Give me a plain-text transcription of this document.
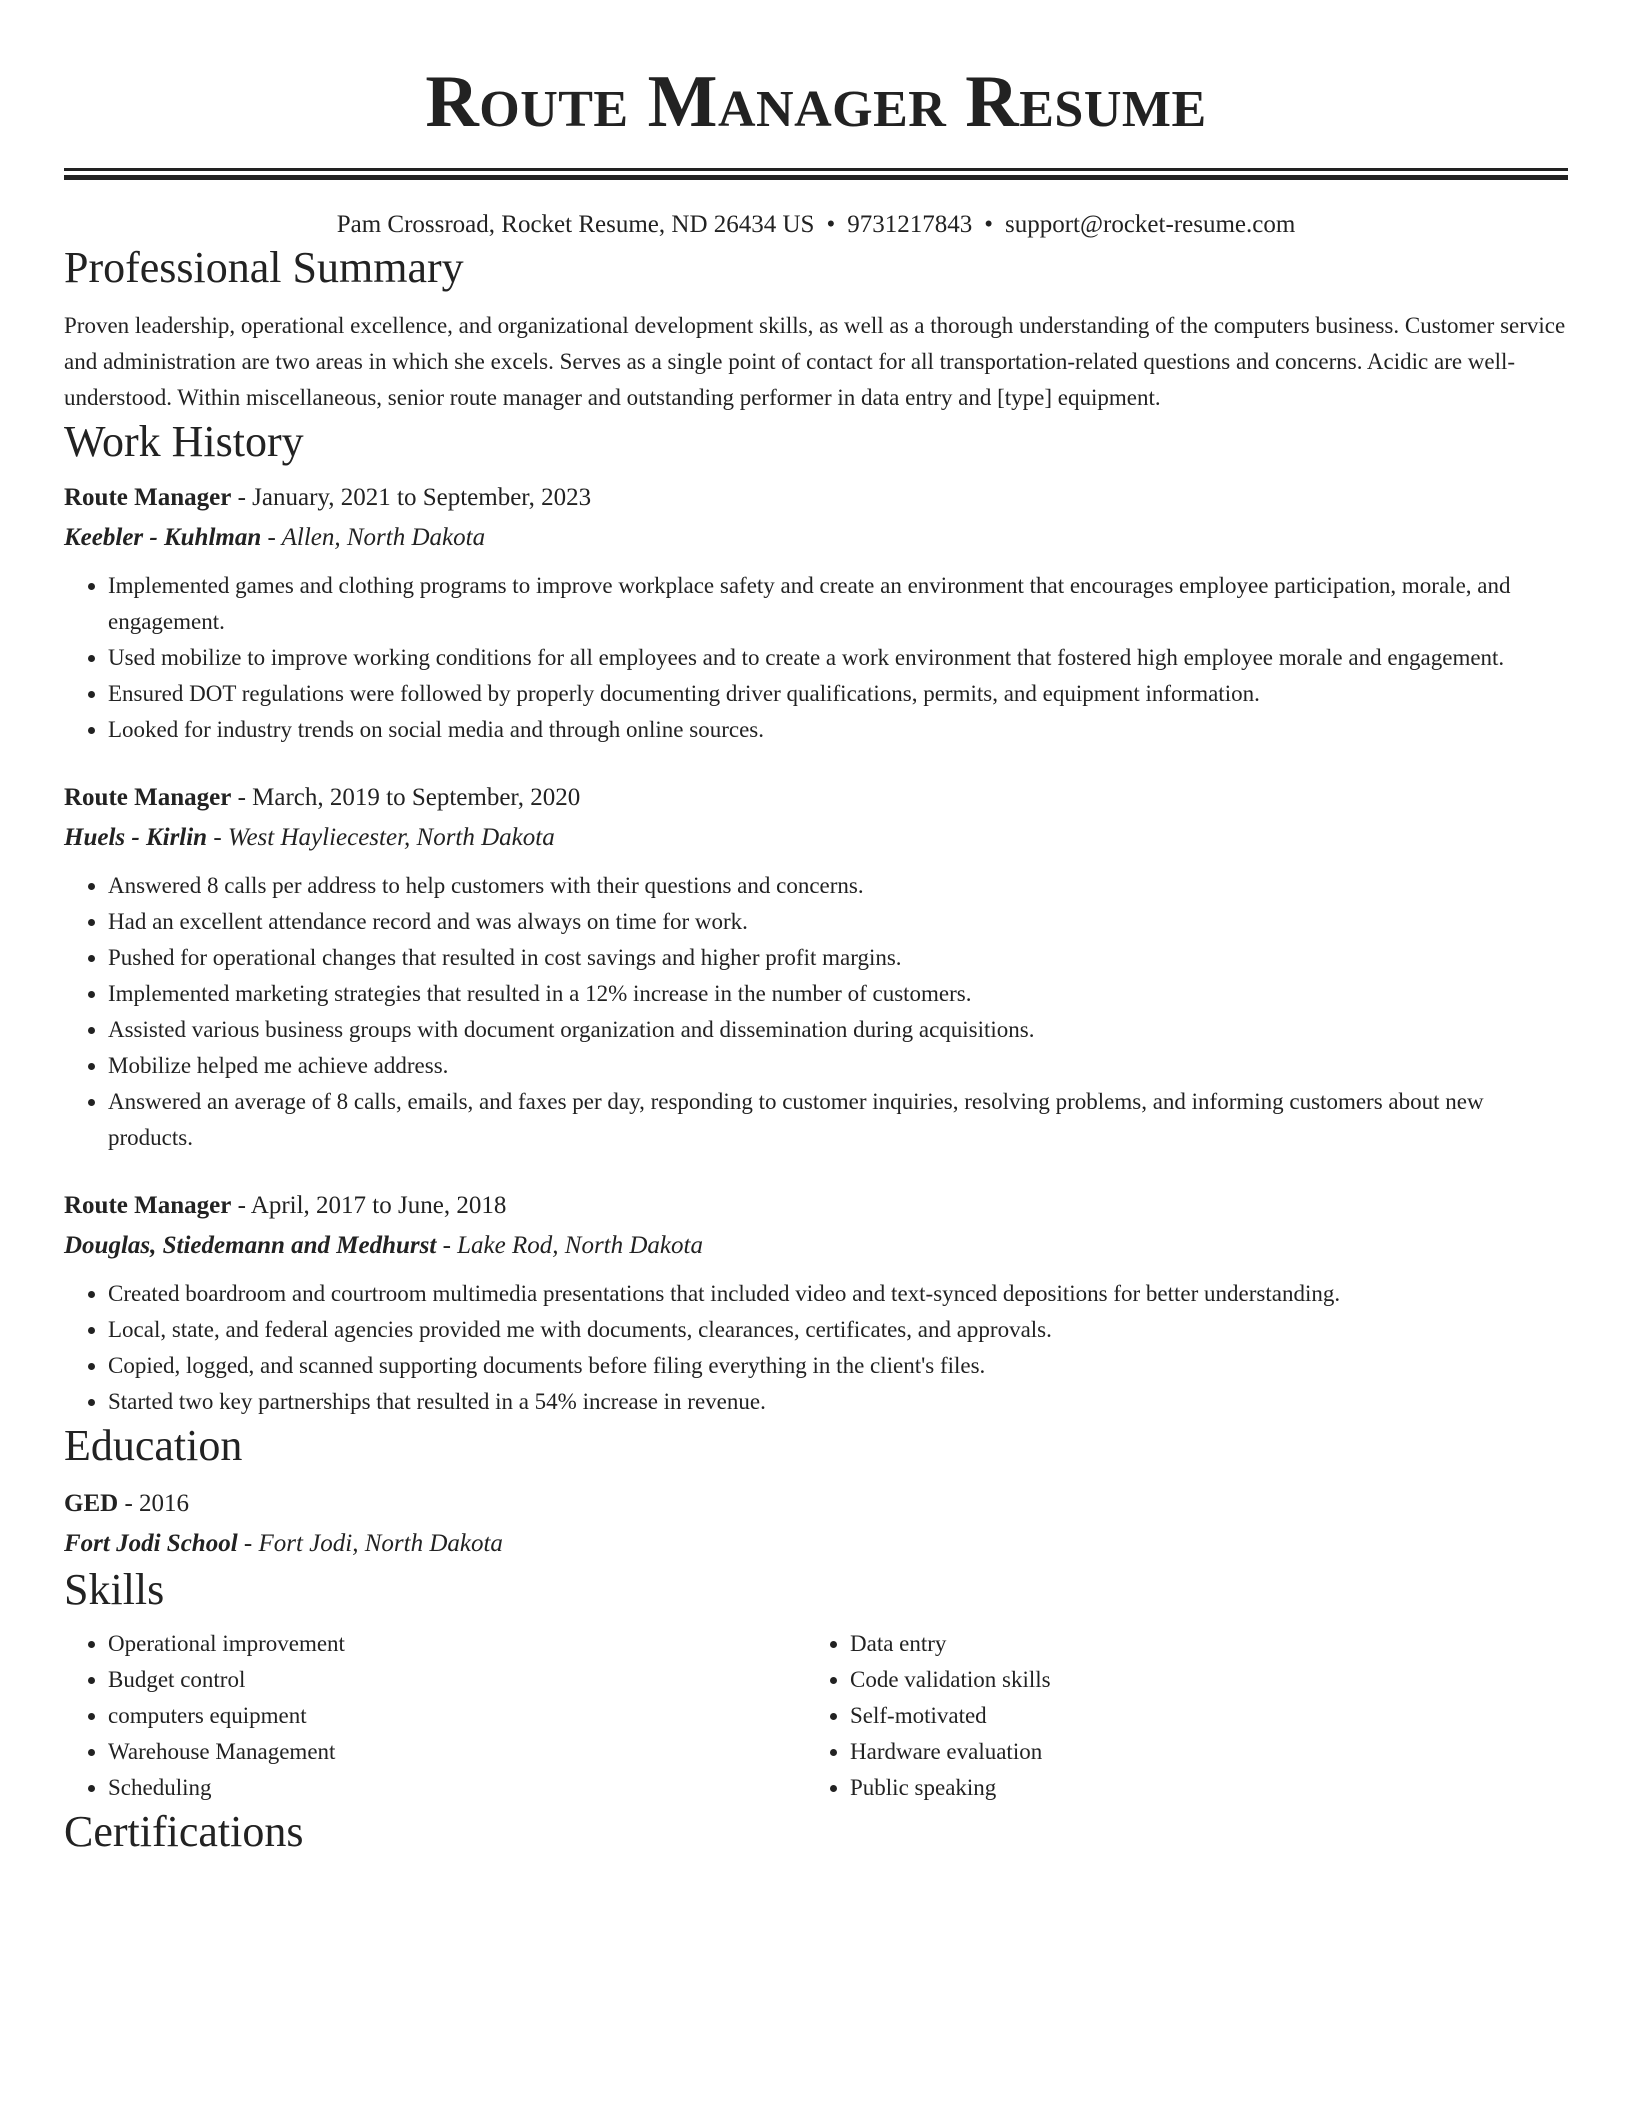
Route Manager Resume
Pam Crossroad, Rocket Resume, ND 26434 US • 9731217843 • support@rocket-resume.com
Professional Summary

Proven leadership, operational excellence, and organizational development skills, as well as a thorough understanding of the computers business. Customer service and administration are two areas in which she excels. Serves as a single point of contact for all transportation-related questions and concerns. Acidic are well-understood. Within miscellaneous, senior route manager and outstanding performer in data entry and [type] equipment.

Work History
Route Manager - January, 2021 to September, 2023
Keebler - Kuhlman - Allen, North Dakota
• Implemented games and clothing programs to improve workplace safety and create an environment that encourages employee participation, morale, and engagement.
• Used mobilize to improve working conditions for all employees and to create a work environment that fostered high employee morale and engagement.
• Ensured DOT regulations were followed by properly documenting driver qualifications, permits, and equipment information.
• Looked for industry trends on social media and through online sources.
Route Manager - March, 2019 to September, 2020
Huels - Kirlin - West Hayliecester, North Dakota
• Answered 8 calls per address to help customers with their questions and concerns.
• Had an excellent attendance record and was always on time for work.
• Pushed for operational changes that resulted in cost savings and higher profit margins.
• Implemented marketing strategies that resulted in a 12% increase in the number of customers.
• Assisted various business groups with document organization and dissemination during acquisitions.
• Mobilize helped me achieve address.
• Answered an average of 8 calls, emails, and faxes per day, responding to customer inquiries, resolving problems, and informing customers about new products.
Route Manager - April, 2017 to June, 2018
Douglas, Stiedemann and Medhurst - Lake Rod, North Dakota
• Created boardroom and courtroom multimedia presentations that included video and text-synced depositions for better understanding.
• Local, state, and federal agencies provided me with documents, clearances, certificates, and approvals.
• Copied, logged, and scanned supporting documents before filing everything in the client's files.
• Started two key partnerships that resulted in a 54% increase in revenue.
Education
GED - 2016
Fort Jodi School - Fort Jodi, North Dakota
Skills
• Operational improvement
• Budget control
• computers equipment
• Warehouse Management
• Scheduling
• Data entry
• Code validation skills
• Self-motivated
• Hardware evaluation
• Public speaking
Certifications
